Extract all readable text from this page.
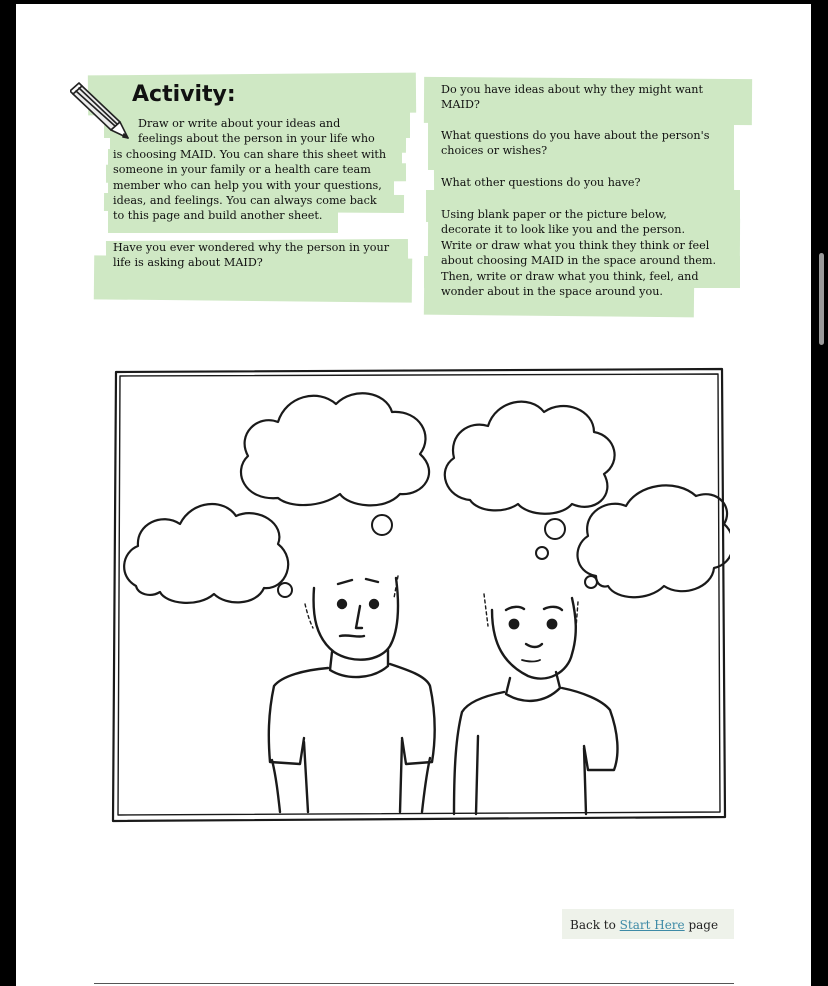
Activity:
Draw or write about your ideas and
feelings about the person in your life who
is choosing MAID. You can share this sheet with
someone in your family or a health care team
member who can help you with your questions,
ideas, and feelings. You can always come back
to this page and build another sheet.
Have you ever wondered why the person in your
life is asking about MAID?
Do you have ideas about why they might want
MAID?
What questions do you have about the person's
choices or wishes?
What other questions do you have?
Using blank paper or the picture below,
decorate it to look like you and the person.
Write or draw what you think they think or feel
about choosing MAID in the space around them.
Then, write or draw what you think, feel, and
wonder about in the space around you.
Back to Start Here page
